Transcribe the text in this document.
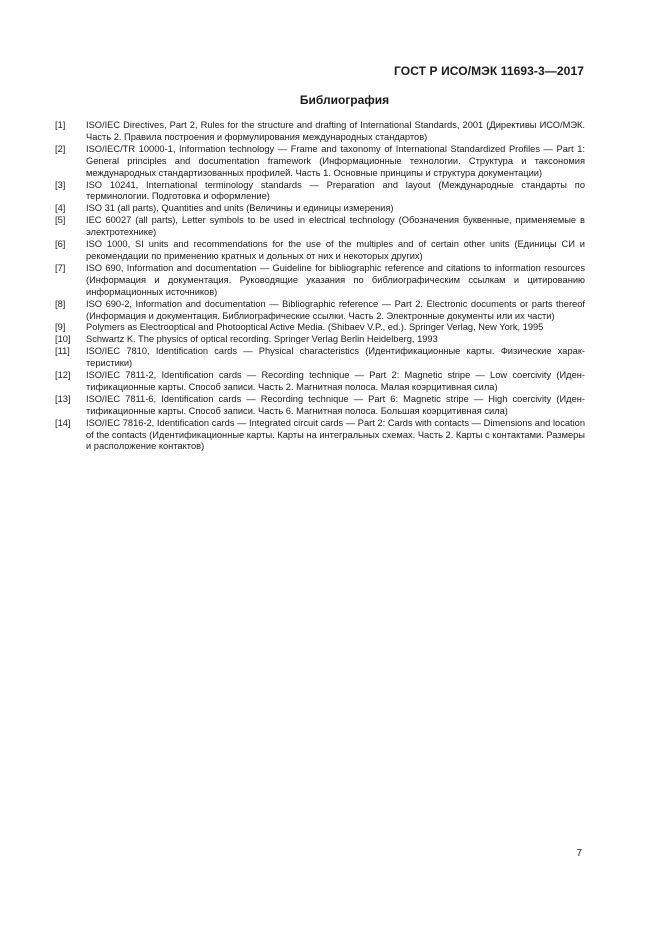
ГОСТ Р ИСО/МЭК 11693-3—2017
Библиография
[1]	ISO/IEC Directives, Part 2, Rules for the structure and drafting of International Standards, 2001 (Директивы ИСО/МЭК. Часть 2. Правила построения и формулирования международных стандартов)
[2]	ISO/IEC/TR 10000-1, Information technology — Frame and taxonomy of International Standardized Profiles — Part 1: General principles and documentation framework (Информационные технологии. Структура и таксономия международных стандартизованных профилей. Часть 1. Основные принципы и структура документации)
[3]	ISO 10241, International terminology standards — Preparation and layout (Международные стандарты по терминологии. Подготовка и оформление)
[4]	ISO 31 (all parts), Quantities and units (Величины и единицы измерения)
[5]	IEC 60027 (all parts), Letter symbols to be used in electrical technology (Обозначения буквенные, применяемые в электротехнике)
[6]	ISO 1000, SI units and recommendations for the use of the multiples and of certain other units (Единицы СИ и рекомендации по применению кратных и дольных от них и некоторых других)
[7]	ISO 690, Information and documentation — Guideline for bibliographic reference and citations to information resources (Информация и документация. Руководящие указания по библиографическим ссылкам и цитированию информационных источников)
[8]	ISO 690-2, Information and documentation — Bibliographic reference — Part 2. Electronic documents or parts thereof (Информация и документация. Библиографические ссылки. Часть 2. Электронные документы или их части)
[9]	Polymers as Electrooptical and Photooptical Active Media. (Shibaev V.P., ed.). Springer Verlag, New York, 1995
[10]	Schwartz K. The physics of optical recording. Springer Verlag Berlin Heidelberg, 1993
[11]	ISO/IEC 7810, Identification cards — Physical characteristics (Идентификационные карты. Физические характеристики)
[12]	ISO/IEC 7811-2, Identification cards — Recording technique — Part 2: Magnetic stripe — Low coercivity (Идентификационные карты. Способ записи. Часть 2. Магнитная полоса. Малая коэрцитивная сила)
[13]	ISO/IEC 7811-6, Identification cards — Recording technique — Part 6: Magnetic stripe — High coercivity (Идентификационные карты. Способ записи. Часть 6. Магнитная полоса. Большая коэрцитивная сила)
[14]	ISO/IEC 7816-2, Identification cards — Integrated circuit cards — Part 2: Cards with contacts — Dimensions and location of the contacts (Идентификационные карты. Карты на интегральных схемах. Часть 2. Карты с контактами. Размеры и расположение контактов)
7
